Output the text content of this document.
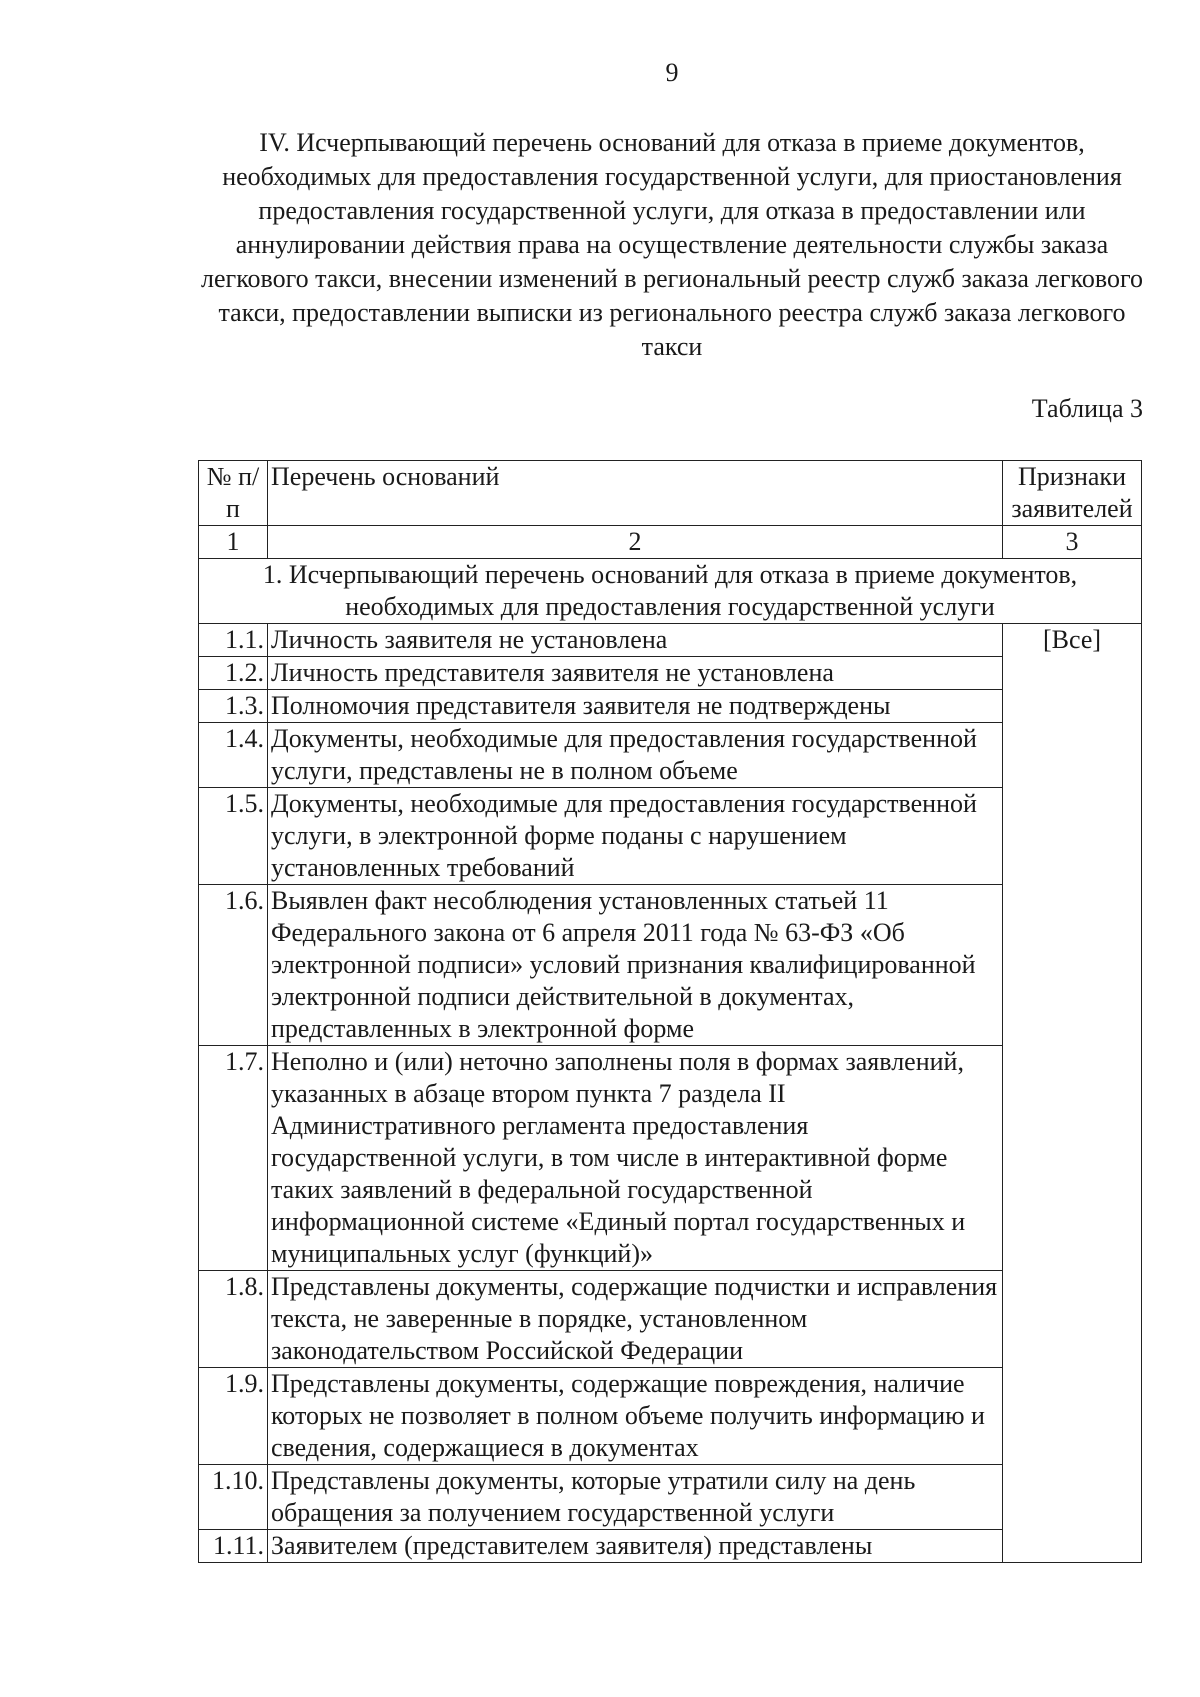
9
IV. Исчерпывающий перечень оснований для отказа в приеме документов, необходимых для предоставления государственной услуги, для приостановления предоставления государственной услуги, для отказа в предоставлении или аннулировании действия права на осуществление деятельности службы заказа легкового такси, внесении изменений в региональный реестр служб заказа легкового такси, предоставлении выписки из регионального реестра служб заказа легкового такси
Таблица 3
№ п/п	Перечень оснований	Признаки заявителей
1	2	3
1. Исчерпывающий перечень оснований для отказа в приеме документов, необходимых для предоставления государственной услуги		
1.1.	Личность заявителя не установлена	[Все]
1.2.	Личность представителя заявителя не установлена	
1.3.	Полномочия представителя заявителя не подтверждены	
1.4.	Документы, необходимые для предоставления государственной услуги, представлены не в полном объеме	
1.5.	Документы, необходимые для предоставления государственной услуги, в электронной форме поданы с нарушением установленных требований	
1.6.	Выявлен факт несоблюдения установленных статьей 11 Федерального закона от 6 апреля 2011 года № 63-ФЗ «Об электронной подписи» условий признания квалифицированной электронной подписи действительной в документах, представленных в электронной форме	
1.7.	Неполно и (или) неточно заполнены поля в формах заявлений, указанных в абзаце втором пункта 7 раздела II Административного регламента предоставления государственной услуги, в том числе в интерактивной форме таких заявлений в федеральной государственной информационной системе «Единый портал государственных и муниципальных услуг (функций)»	
1.8.	Представлены документы, содержащие подчистки и исправления текста, не заверенные в порядке, установленном законодательством Российской Федерации	
1.9.	Представлены документы, содержащие повреждения, наличие которых не позволяет в полном объеме получить информацию и сведения, содержащиеся в документах	
1.10.	Представлены документы, которые утратили силу на день обращения за получением государственной услуги	
1.11.	Заявителем (представителем заявителя) представлены	
